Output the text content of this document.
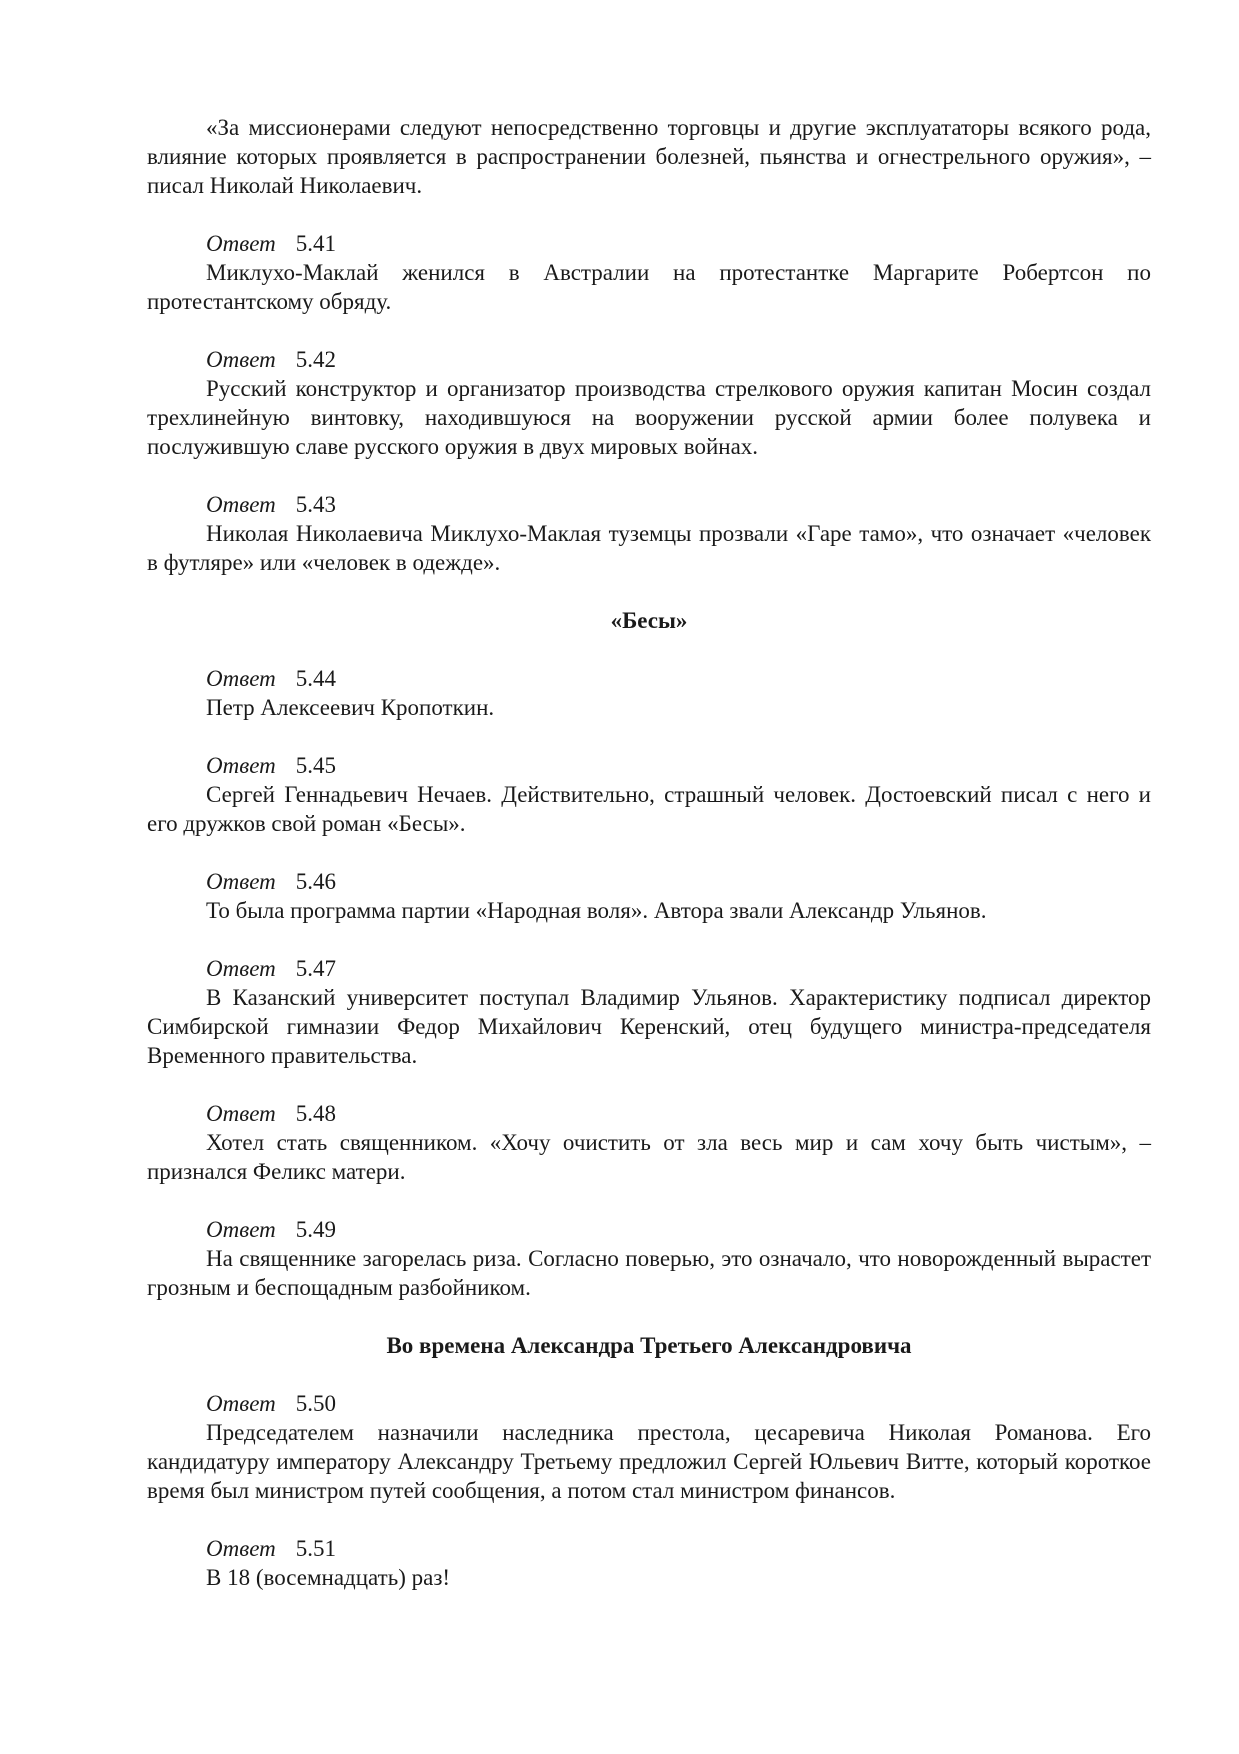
«За миссионерами следуют непосредственно торговцы и другие эксплуататоры всякого рода, влияние которых проявляется в распространении болезней, пьянства и огнестрельного оружия», – писал Николай Николаевич.

Ответ 5.41

Миклухо-Маклай женился в Австралии на протестантке Маргарите Робертсон по протестантскому обряду.

Ответ 5.42

Русский конструктор и организатор производства стрелкового оружия капитан Мосин создал трехлинейную винтовку, находившуюся на вооружении русской армии более полувека и послужившую славе русского оружия в двух мировых войнах.

Ответ 5.43

Николая Николаевича Миклухо-Маклая туземцы прозвали «Гаре тамо», что означает «человек в футляре» или «человек в одежде».

«Бесы»
Ответ 5.44

Петр Алексеевич Кропоткин.

Ответ 5.45

Сергей Геннадьевич Нечаев. Действительно, страшный человек. Достоевский писал с него и его дружков свой роман «Бесы».

Ответ 5.46

То была программа партии «Народная воля». Автора звали Александр Ульянов.

Ответ 5.47

В Казанский университет поступал Владимир Ульянов. Характеристику подписал директор Симбирской гимназии Федор Михайлович Керенский, отец будущего министра-председателя Временного правительства.

Ответ 5.48

Хотел стать священником. «Хочу очистить от зла весь мир и сам хочу быть чистым», – признался Феликс матери.

Ответ 5.49

На священнике загорелась риза. Согласно поверью, это означало, что новорожденный вырастет грозным и беспощадным разбойником.

Во времена Александра Третьего Александровича
Ответ 5.50

Председателем назначили наследника престола, цесаревича Николая Романова. Его кандидатуру императору Александру Третьему предложил Сергей Юльевич Витте, который короткое время был министром путей сообщения, а потом стал министром финансов.

Ответ 5.51

В 18 (восемнадцать) раз!
